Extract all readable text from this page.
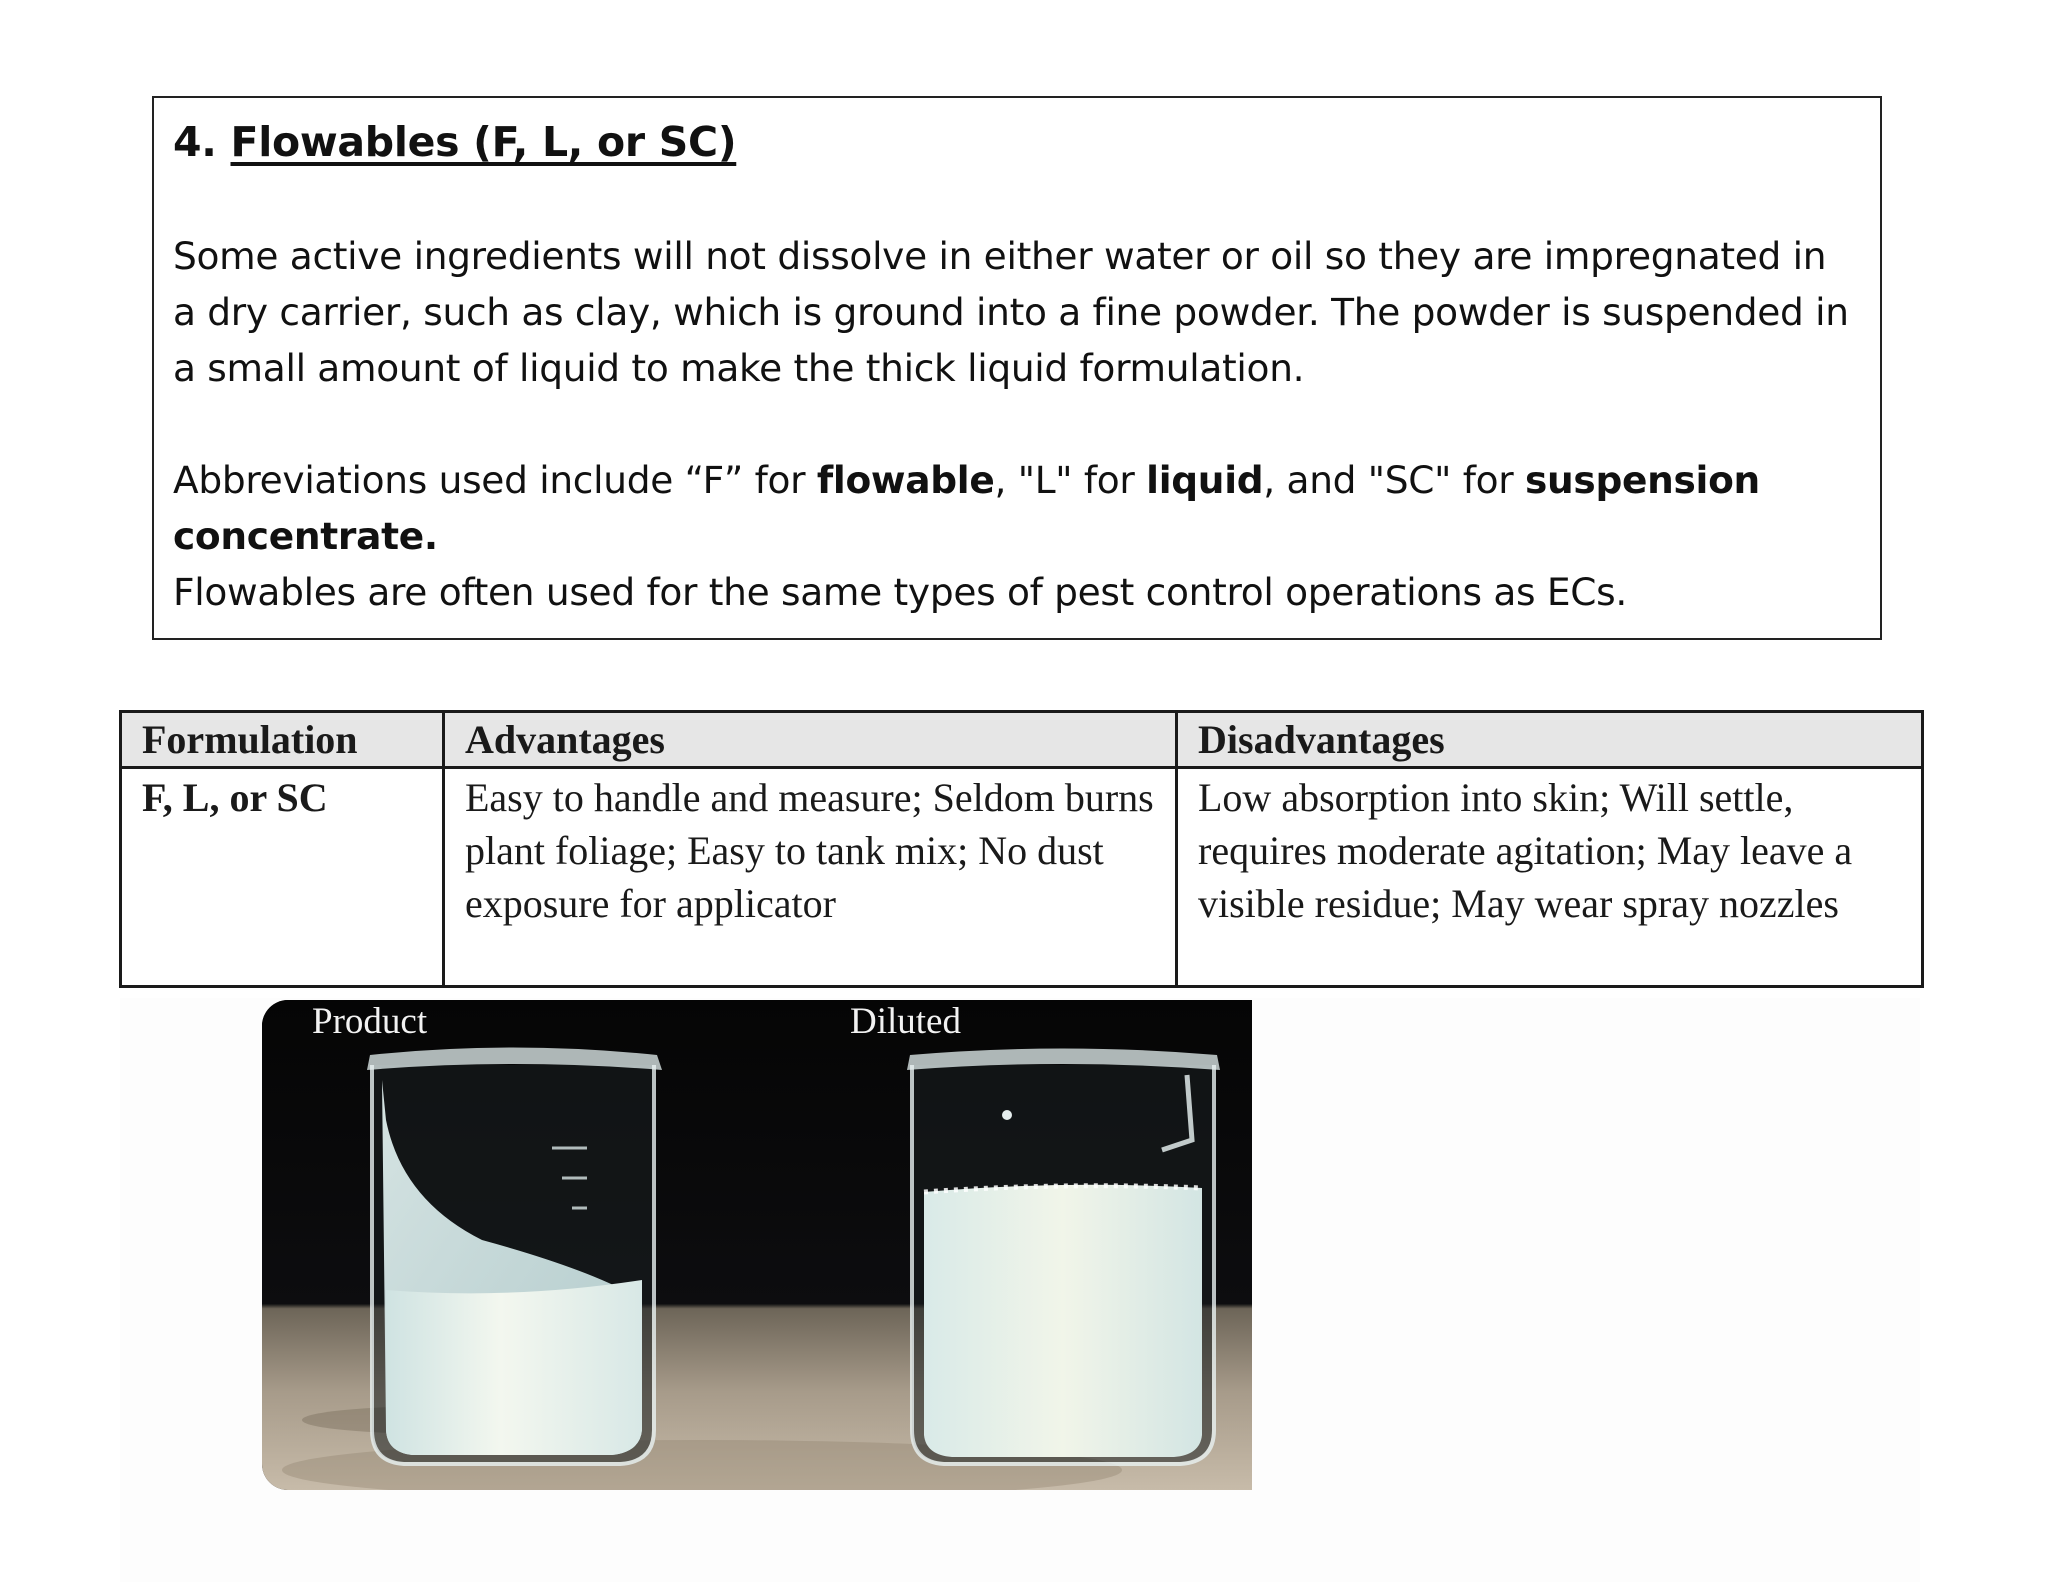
4. Flowables (F, L, or SC)

Some active ingredients will not dissolve in either water or oil so they are impregnated in a dry carrier, such as clay, which is ground into a fine powder. The powder is suspended in a small amount of liquid to make the thick liquid formulation.

Abbreviations used include “F” for flowable, "L" for liquid, and "SC" for suspension concentrate.

Flowables are often used for the same types of pest control operations as ECs.

Formulation	Advantages	Disadvantages
F, L, or SC	Easy to handle and measure; Seldom burns plant foliage; Easy to tank mix; No dust exposure for applicator	Low absorption into skin; Will settle, requires moderate agitation; May leave a visible residue; May wear spray nozzles
Product	Diluted
